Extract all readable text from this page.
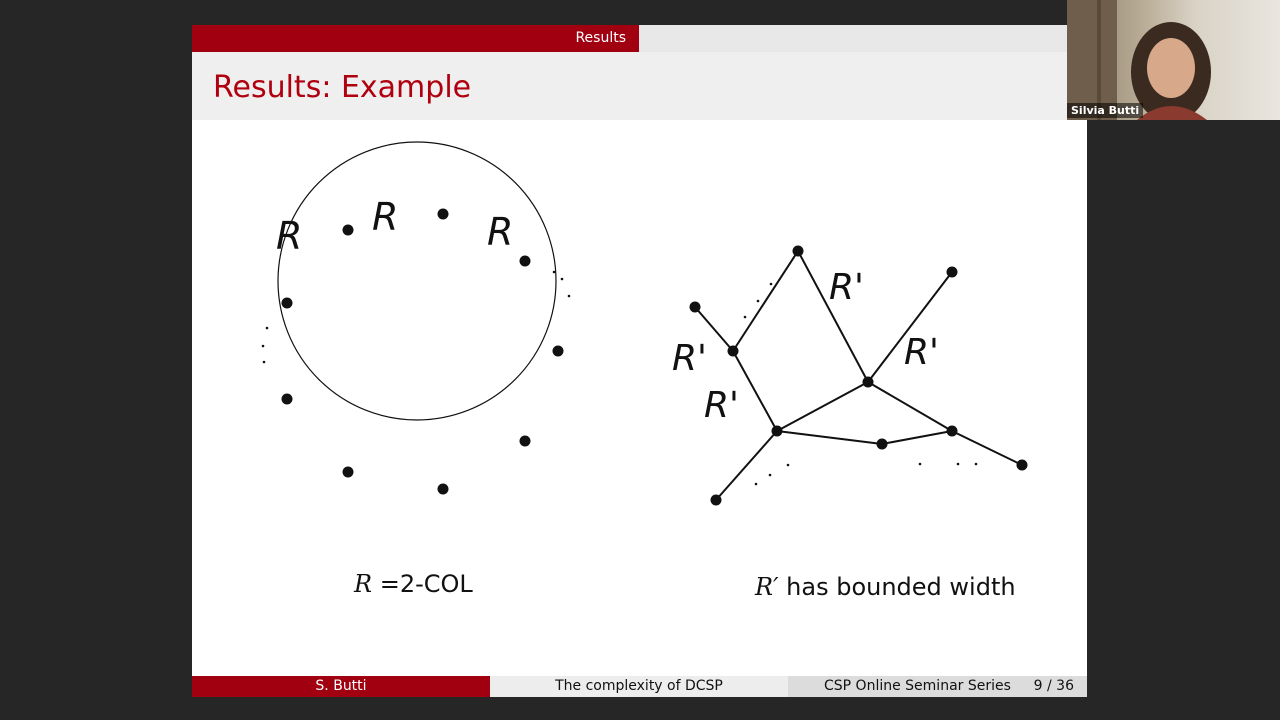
Results
Results: Example
R R R
R'
R'
R'
R'
R =2-COL	R′ has bounded width
S. Butti	The complexity of DCSP	CSP Online Seminar Series 9 / 36
Silvia Butti
